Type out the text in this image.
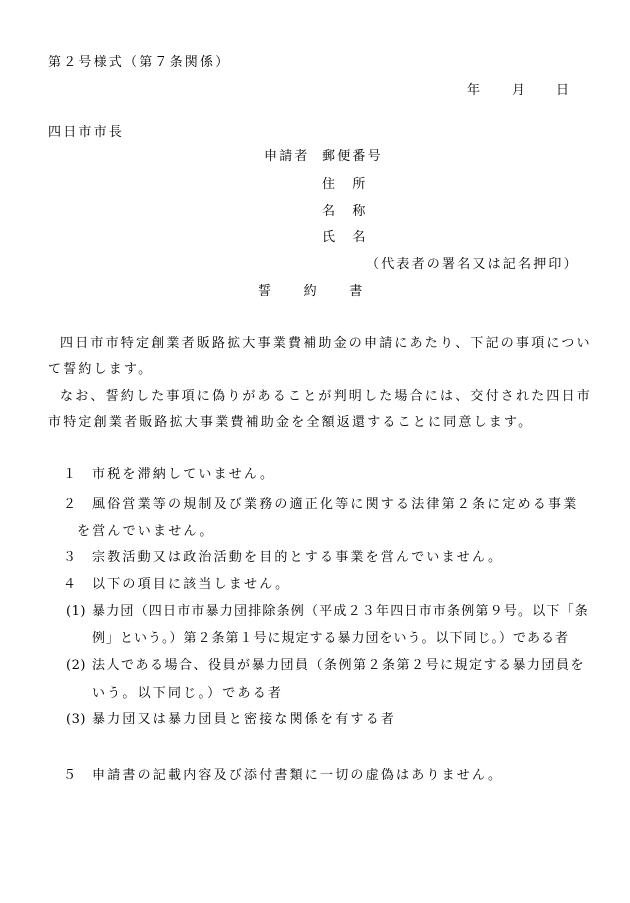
第２号様式（第７条関係）
年 月 日
四日市市長
申請者 郵便番号
住　所
名　称
氏　名
（代表者の署名又は記名押印）
誓　　約　　書
四日市市特定創業者販路拡大事業費補助金の申請にあたり、下記の事項につい
て誓約します。
なお、誓約した事項に偽りがあることが判明した場合には、交付された四日市
市特定創業者販路拡大事業費補助金を全額返還することに同意します。
１ 市税を滞納していません。
２ 風俗営業等の規制及び業務の適正化等に関する法律第２条に定める事業
を営んでいません。
３ 宗教活動又は政治活動を目的とする事業を営んでいません。
４ 以下の項目に該当しません。
(1) 暴力団（四日市市暴力団排除条例（平成２３年四日市市条例第９号。以下「条
例」という。）第２条第１号に規定する暴力団をいう。以下同じ。）である者
(2) 法人である場合、役員が暴力団員（条例第２条第２号に規定する暴力団員を
いう。以下同じ。）である者
(3) 暴力団又は暴力団員と密接な関係を有する者
５ 申請書の記載内容及び添付書類に一切の虚偽はありません。
